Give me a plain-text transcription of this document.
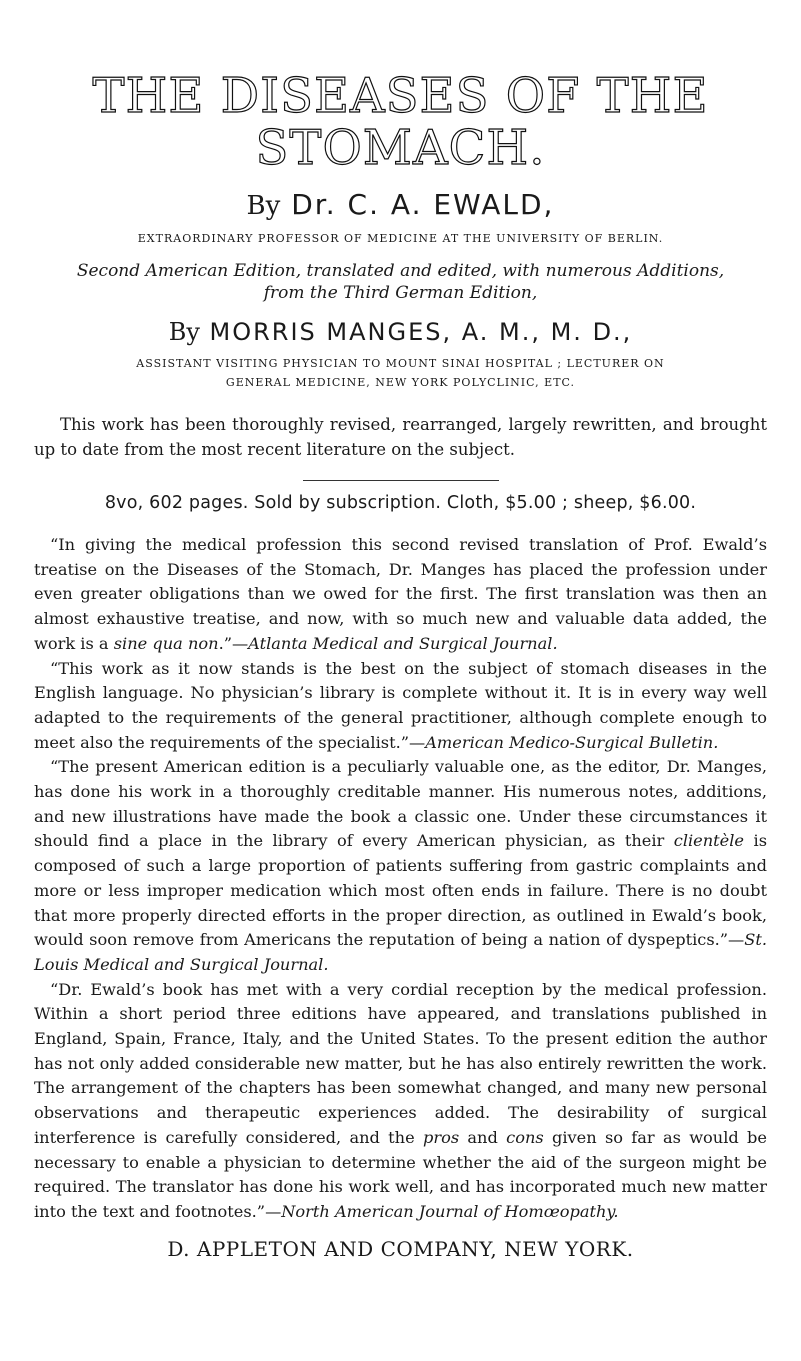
THE DISEASES OF THE
STOMACH.
By Dr. C. A. EWALD,
EXTRAORDINARY PROFESSOR OF MEDICINE AT THE UNIVERSITY OF BERLIN.
Second American Edition, translated and edited, with numerous Additions,
from the Third German Edition,
By MORRIS MANGES, A. M., M. D.,
ASSISTANT VISITING PHYSICIAN TO MOUNT SINAI HOSPITAL ; LECTURER ON
GENERAL MEDICINE, NEW YORK POLYCLINIC, ETC.

This work has been thoroughly revised, rearranged, largely rewritten, and brought up to date from the most recent literature on the subject.

8vo, 602 pages. Sold by subscription. Cloth, $5.00 ; sheep, $6.00.

“In giving the medical profession this second revised translation of Prof. Ewald’s treatise on the Diseases of the Stomach, Dr. Manges has placed the profession under even greater obligations than we owed for the first. The first translation was then an almost exhaustive treatise, and now, with so much new and valuable data added, the work is a sine qua non.”—Atlanta Medical and Surgical Journal.

“This work as it now stands is the best on the subject of stomach diseases in the English language. No physician’s library is complete without it. It is in every way well adapted to the requirements of the general practitioner, although complete enough to meet also the requirements of the specialist.”—American Medico-Surgical Bulletin.

“The present American edition is a peculiarly valuable one, as the editor, Dr. Manges, has done his work in a thoroughly creditable manner. His numerous notes, additions, and new illustrations have made the book a classic one. Under these circumstances it should find a place in the library of every American physician, as their clientèle is composed of such a large proportion of patients suffering from gastric complaints and more or less improper medication which most often ends in failure. There is no doubt that more properly directed efforts in the proper direction, as outlined in Ewald’s book, would soon remove from Americans the reputation of being a nation of dyspeptics.”—St. Louis Medical and Surgical Journal.

“Dr. Ewald’s book has met with a very cordial reception by the medical profession. Within a short period three editions have appeared, and translations published in England, Spain, France, Italy, and the United States. To the present edition the author has not only added considerable new matter, but he has also entirely rewritten the work. The arrangement of the chapters has been somewhat changed, and many new personal observations and therapeutic experiences added. The desirability of surgical interference is carefully considered, and the pros and cons given so far as would be necessary to enable a physician to determine whether the aid of the surgeon might be required. The translator has done his work well, and has incorporated much new matter into the text and footnotes.”—North American Journal of Homœopathy.

D. APPLETON AND COMPANY, NEW YORK.
